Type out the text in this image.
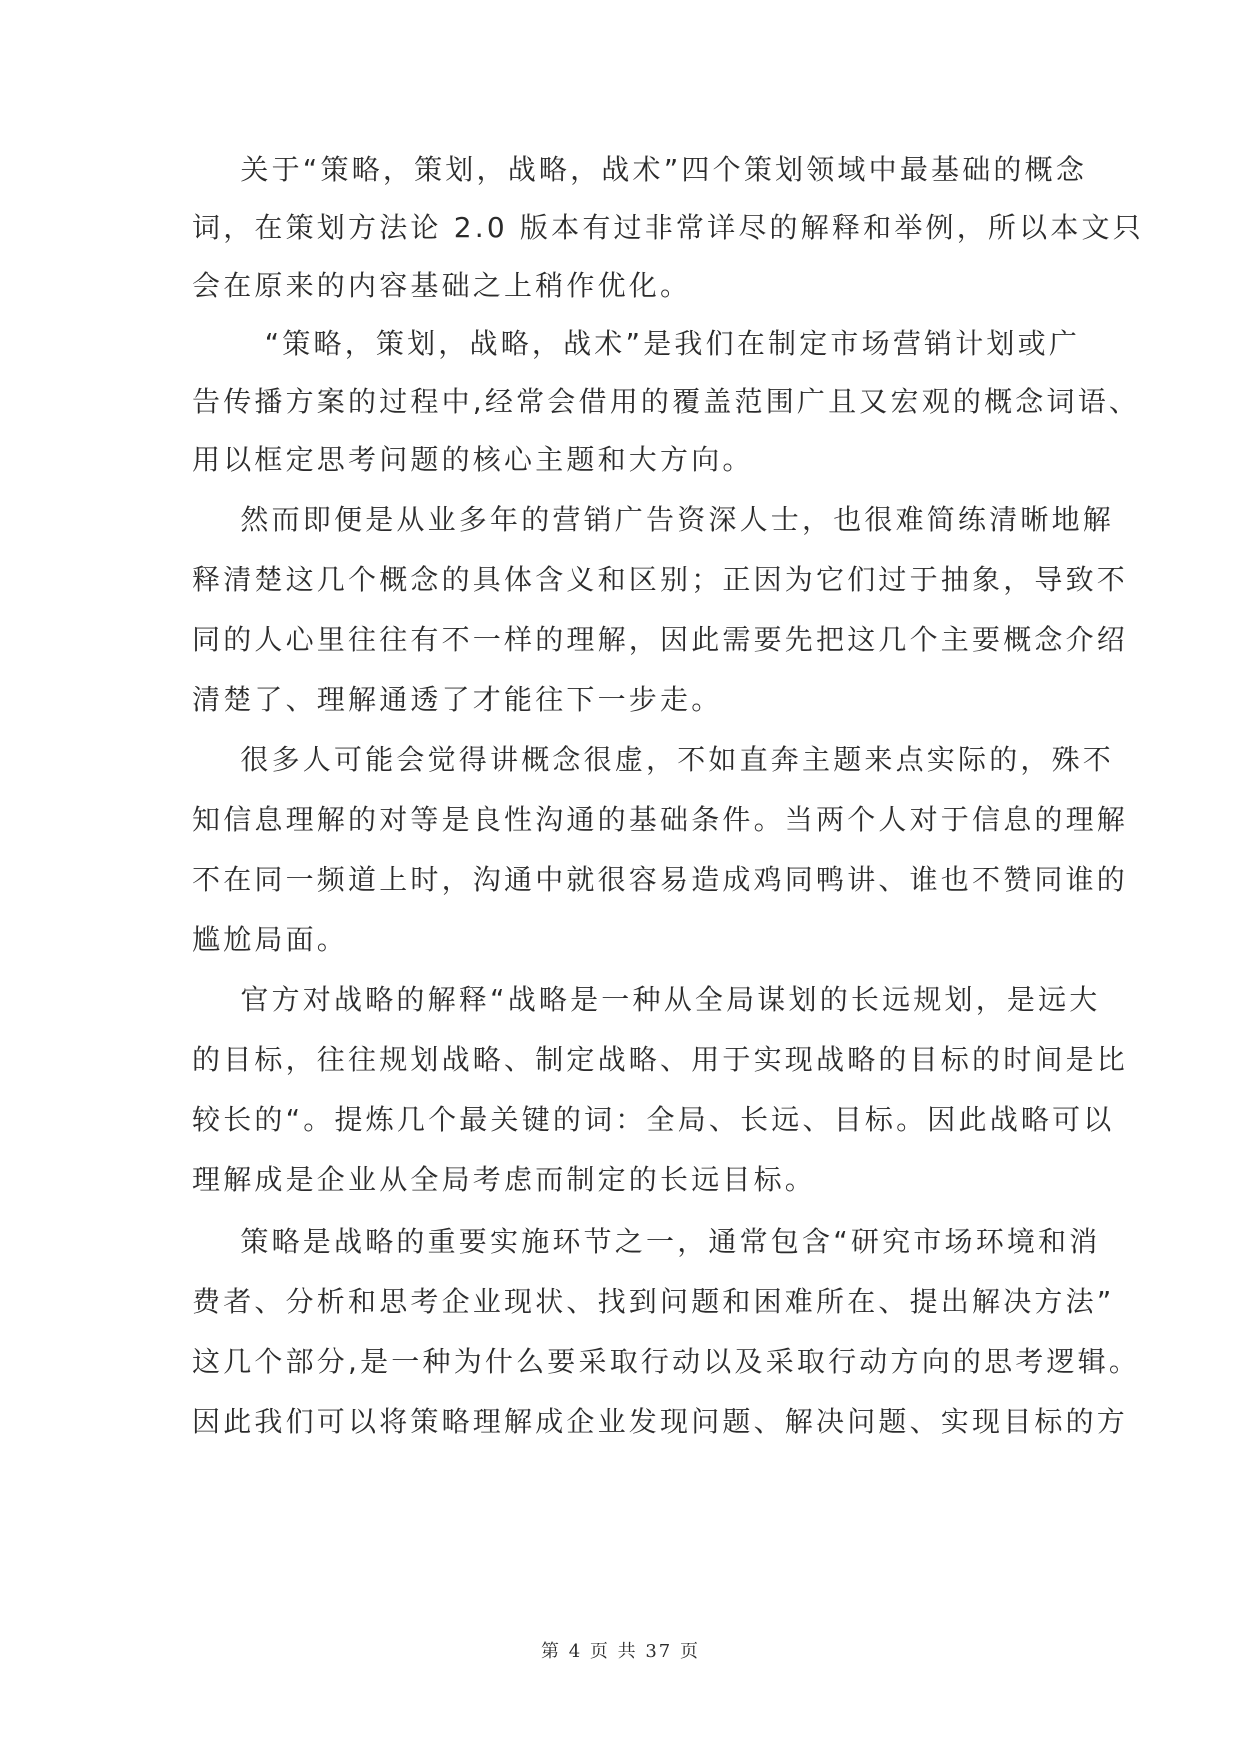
关于“策略，策划，战略，战术”四个策划领域中最基础的概念
词，在策划方法论 2.0 版本有过非常详尽的解释和举例，所以本文只
会在原来的内容基础之上稍作优化。
“策略，策划，战略，战术”是我们在制定市场营销计划或广
告传播方案的过程中,经常会借用的覆盖范围广且又宏观的概念词语、
用以框定思考问题的核心主题和大方向。
然而即便是从业多年的营销广告资深人士，也很难简练清晰地解
释清楚这几个概念的具体含义和区别；正因为它们过于抽象，导致不
同的人心里往往有不一样的理解，因此需要先把这几个主要概念介绍
清楚了、理解通透了才能往下一步走。
很多人可能会觉得讲概念很虚，不如直奔主题来点实际的，殊不
知信息理解的对等是良性沟通的基础条件。当两个人对于信息的理解
不在同一频道上时，沟通中就很容易造成鸡同鸭讲、谁也不赞同谁的
尴尬局面。
官方对战略的解释“战略是一种从全局谋划的长远规划，是远大
的目标，往往规划战略、制定战略、用于实现战略的目标的时间是比
较长的“。提炼几个最关键的词：全局、长远、目标。因此战略可以
理解成是企业从全局考虑而制定的长远目标。
策略是战略的重要实施环节之一，通常包含“研究市场环境和消
费者、分析和思考企业现状、找到问题和困难所在、提出解决方法”
这几个部分,是一种为什么要采取行动以及采取行动方向的思考逻辑。
因此我们可以将策略理解成企业发现问题、解决问题、实现目标的方
第 4 页 共 37 页
